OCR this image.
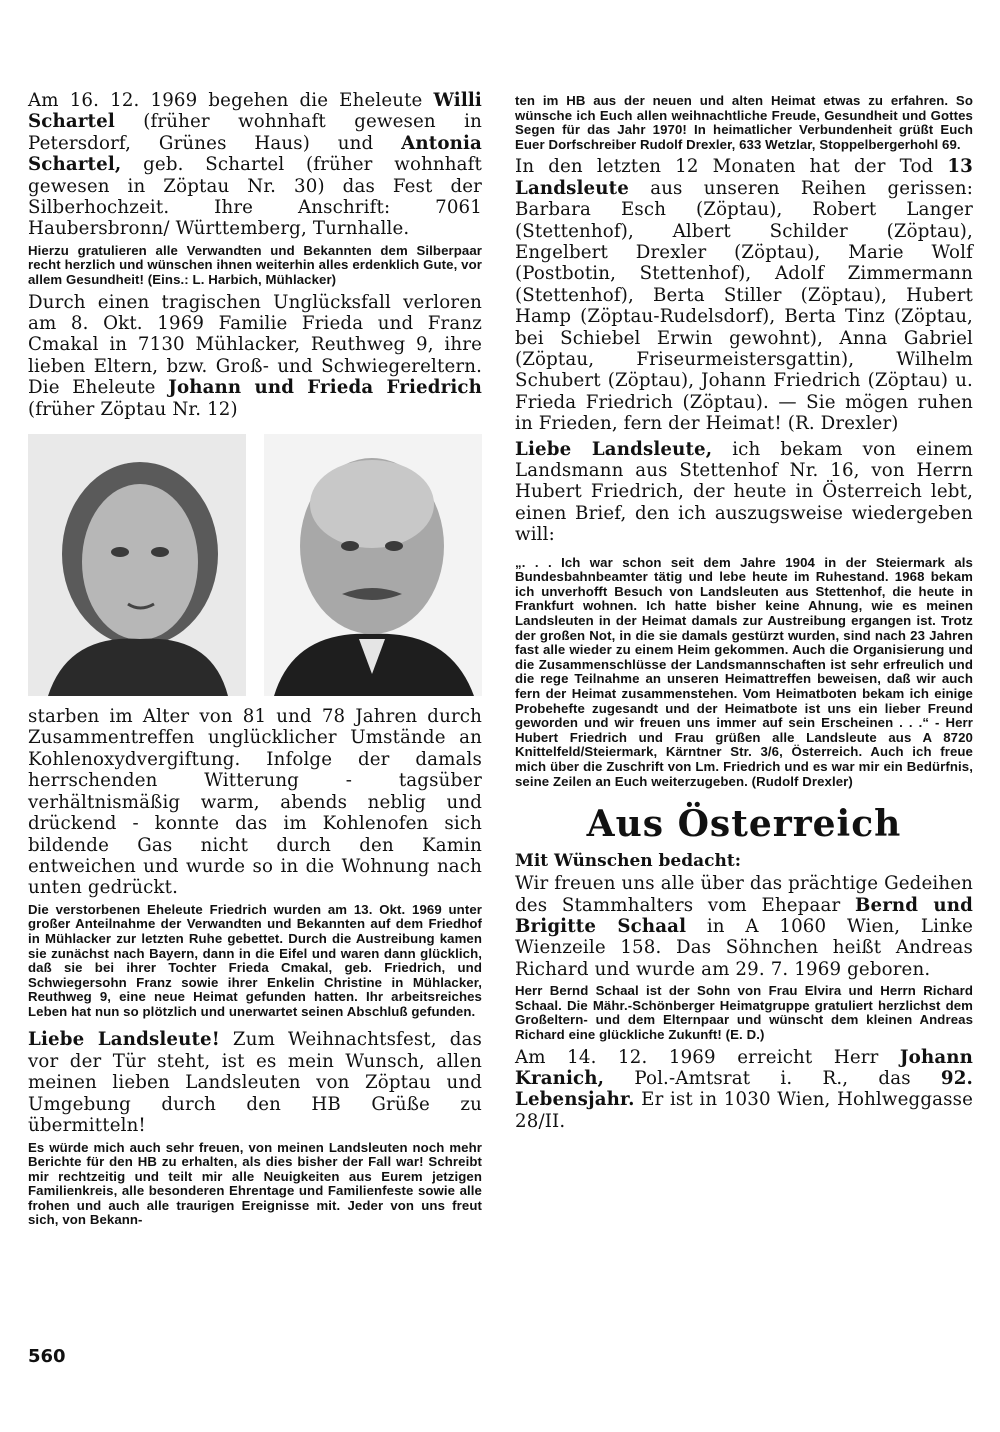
Am 16. 12. 1969 begehen die Eheleute Willi Schartel (früher wohnhaft gewesen in Petersdorf, Grünes Haus) und Antonia Schartel, geb. Schartel (früher wohnhaft gewesen in Zöptau Nr. 30) das Fest der Silberhochzeit. Ihre Anschrift: 7061 Haubersbronn/ Württemberg, Turnhalle.

Hierzu gratulieren alle Verwandten und Bekannten dem Silberpaar recht herzlich und wünschen ihnen weiterhin alles erdenklich Gute, vor allem Gesundheit! (Eins.: L. Harbich, Mühlacker)

Durch einen tragischen Unglücksfall verloren am 8. Okt. 1969 Familie Frieda und Franz Cmakal in 7130 Mühlacker, Reuthweg 9, ihre lieben Eltern, bzw. Groß- und Schwiegereltern. Die Eheleute Johann und Frieda Friedrich (früher Zöptau Nr. 12)

starben im Alter von 81 und 78 Jahren durch Zusammentreffen unglücklicher Umstände an Kohlenoxydvergiftung. Infolge der damals herrschenden Witterung - tagsüber verhältnismäßig warm, abends neblig und drückend - konnte das im Kohlenofen sich bildende Gas nicht durch den Kamin entweichen und wurde so in die Wohnung nach unten gedrückt.

Die verstorbenen Eheleute Friedrich wurden am 13. Okt. 1969 unter großer Anteilnahme der Verwandten und Bekannten auf dem Friedhof in Mühlacker zur letzten Ruhe gebettet. Durch die Austreibung kamen sie zunächst nach Bayern, dann in die Eifel und waren dann glücklich, daß sie bei ihrer Tochter Frieda Cmakal, geb. Friedrich, und Schwiegersohn Franz sowie ihrer Enkelin Christine in Mühlacker, Reuthweg 9, eine neue Heimat gefunden hatten. Ihr arbeitsreiches Leben hat nun so plötzlich und unerwartet seinen Abschluß gefunden.

Liebe Landsleute! Zum Weihnachtsfest, das vor der Tür steht, ist es mein Wunsch, allen meinen lieben Landsleuten von Zöptau und Umgebung durch den HB Grüße zu übermitteln!

Es würde mich auch sehr freuen, von meinen Landsleuten noch mehr Berichte für den HB zu erhalten, als dies bisher der Fall war! Schreibt mir rechtzeitig und teilt mir alle Neuigkeiten aus Eurem jetzigen Familienkreis, alle besonderen Ehrentage und Familienfeste sowie alle frohen und auch alle traurigen Ereignisse mit. Jeder von uns freut sich, von Bekann-

ten im HB aus der neuen und alten Heimat etwas zu erfahren. So wünsche ich Euch allen weihnachtliche Freude, Gesundheit und Gottes Segen für das Jahr 1970! In heimatlicher Verbundenheit grüßt Euch Euer Dorfschreiber Rudolf Drexler, 633 Wetzlar, Stoppelbergerhohl 69.

In den letzten 12 Monaten hat der Tod 13 Landsleute aus unseren Reihen gerissen: Barbara Esch (Zöptau), Robert Langer (Stettenhof), Albert Schilder (Zöptau), Engelbert Drexler (Zöptau), Marie Wolf (Postbotin, Stettenhof), Adolf Zimmermann (Stettenhof), Berta Stiller (Zöptau), Hubert Hamp (Zöptau-Rudelsdorf), Berta Tinz (Zöptau, bei Schiebel Erwin gewohnt), Anna Gabriel (Zöptau, Friseurmeistersgattin), Wilhelm Schubert (Zöptau), Johann Friedrich (Zöptau) u. Frieda Friedrich (Zöptau). — Sie mögen ruhen in Frieden, fern der Heimat! (R. Drexler)

Liebe Landsleute, ich bekam von einem Landsmann aus Stettenhof Nr. 16, von Herrn Hubert Friedrich, der heute in Österreich lebt, einen Brief, den ich auszugsweise wiedergeben will:

„. . . Ich war schon seit dem Jahre 1904 in der Steiermark als Bundesbahnbeamter tätig und lebe heute im Ruhestand. 1968 bekam ich unverhofft Besuch von Landsleuten aus Stettenhof, die heute in Frankfurt wohnen. Ich hatte bisher keine Ahnung, wie es meinen Landsleuten in der Heimat damals zur Austreibung ergangen ist. Trotz der großen Not, in die sie damals gestürzt wurden, sind nach 23 Jahren fast alle wieder zu einem Heim gekommen. Auch die Organisierung und die Zusammenschlüsse der Landsmannschaften ist sehr erfreulich und die rege Teilnahme an unseren Heimattreffen beweisen, daß wir auch fern der Heimat zusammenstehen. Vom Heimatboten bekam ich einige Probehefte zugesandt und der Heimatbote ist uns ein lieber Freund geworden und wir freuen uns immer auf sein Erscheinen . . .“ - Herr Hubert Friedrich und Frau grüßen alle Landsleute aus A 8720 Knittelfeld/Steiermark, Kärntner Str. 3/6, Österreich. Auch ich freue mich über die Zuschrift von Lm. Friedrich und es war mir ein Bedürfnis, seine Zeilen an Euch weiterzugeben. (Rudolf Drexler)

Aus Österreich
Mit Wünschen bedacht:

Wir freuen uns alle über das prächtige Gedeihen des Stammhalters vom Ehepaar Bernd und Brigitte Schaal in A 1060 Wien, Linke Wienzeile 158. Das Söhnchen heißt Andreas Richard und wurde am 29. 7. 1969 geboren.

Herr Bernd Schaal ist der Sohn von Frau Elvira und Herrn Richard Schaal. Die Mähr.-Schönberger Heimatgruppe gratuliert herzlichst dem Großeltern- und dem Elternpaar und wünscht dem kleinen Andreas Richard eine glückliche Zukunft! (E. D.)

Am 14. 12. 1969 erreicht Herr Johann Kranich, Pol.-Amtsrat i. R., das 92. Lebensjahr. Er ist in 1030 Wien, Hohlweggasse 28/II.

560
